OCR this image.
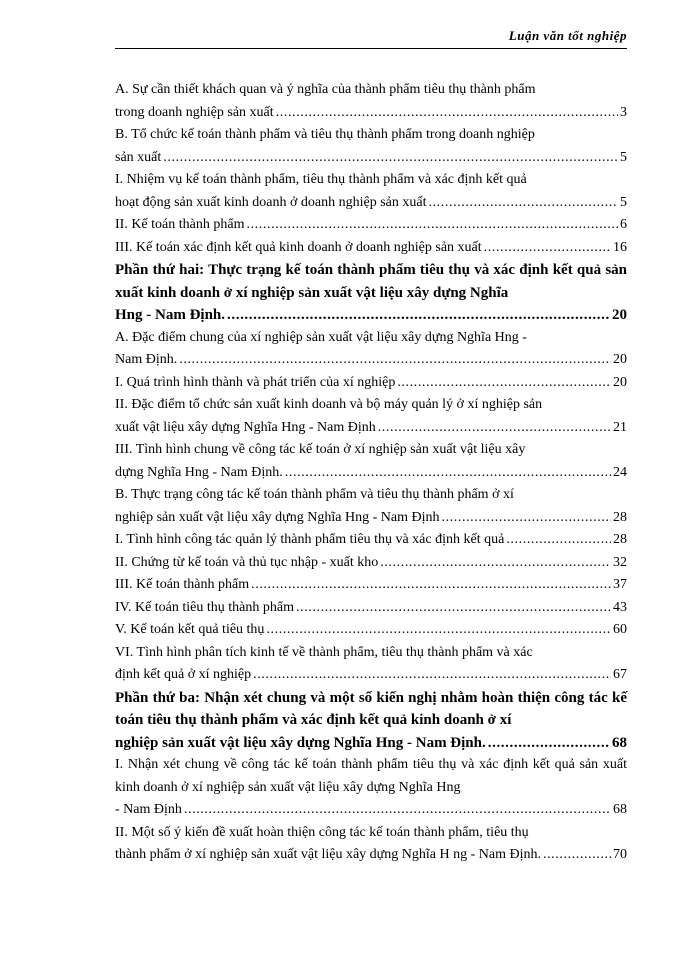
Luận văn tốt nghiệp
A. Sự cần thiết khách quan và ý nghĩa của thành phẩm tiêu thụ thành phẩm
trong doanh nghiệp sản xuất .....	3
B. Tổ chức kế toán thành phẩm và tiêu thụ thành phẩm trong doanh nghiệp
sản xuất .....	5
I. Nhiệm vụ kế toán thành phẩm, tiêu thụ thành phẩm và xác định kết quả
hoạt động sản xuất kinh doanh ở doanh nghiệp sản xuất .....	5
II. Kế toán thành phẩm .....	6
III. Kế toán xác định kết quả kinh doanh ở doanh nghiệp sản xuất .....	16
Phần thứ hai: Thực trạng kế toán thành phẩm tiêu thụ và xác định kết quả sản xuất kinh doanh ở xí nghiệp sản xuất vật liệu xây dựng Nghĩa
Hng - Nam Định. .....	20
A. Đặc điểm chung của xí nghiệp sản xuất vật liệu xây dựng Nghĩa Hng -
Nam Định. .....	20
I. Quá trình hình thành và phát triển của xí nghiệp .....	20
II. Đặc điểm tổ chức sản xuất kinh doanh và bộ máy quản lý ở xí nghiệp sản
xuất vật liệu xây dựng Nghĩa Hng - Nam Định .....	21
III. Tình hình chung về công tác kế toán ở xí nghiệp sản xuất vật liệu xây
dựng Nghĩa Hng - Nam Định. .....	24
B. Thực trạng công tác kế toán thành phẩm và tiêu thụ thành phẩm ở xí
nghiệp sản xuất vật liệu xây dựng Nghĩa Hng - Nam Định .....	28
I. Tình hình công tác quản lý thành phẩm tiêu thụ và xác định kết quả .....	28
II. Chứng từ kế toán và thủ tục nhập - xuất kho .....	32
III. Kế toán thành phẩm .....	37
IV. Kế toán tiêu thụ thành phẩm .....	43
V. Kế toán kết quả tiêu thụ .....	60
VI. Tình hình phân tích kinh tế về thành phẩm, tiêu thụ thành phẩm và xác
định kết quả ở xí nghiệp .....	67
Phần thứ ba: Nhận xét chung và một số kiến nghị nhằm hoàn thiện công tác kế toán tiêu thụ thành phẩm và xác định kết quả kinh doanh ở xí
nghiệp sản xuất vật liệu xây dựng Nghĩa Hng - Nam Định. .....	68
I. Nhận xét chung về công tác kế toán thành phẩm tiêu thụ và xác định kết quả sản xuất kinh doanh ở xí nghiệp sản xuất vật liệu xây dựng Nghĩa Hng
- Nam Định .....	68
II. Một số ý kiến đề xuất hoàn thiện công tác kế toán thành phẩm, tiêu thụ
thành phẩm ở xí nghiệp sản xuất vật liệu xây dựng Nghĩa H ng - Nam Định. .....	70
